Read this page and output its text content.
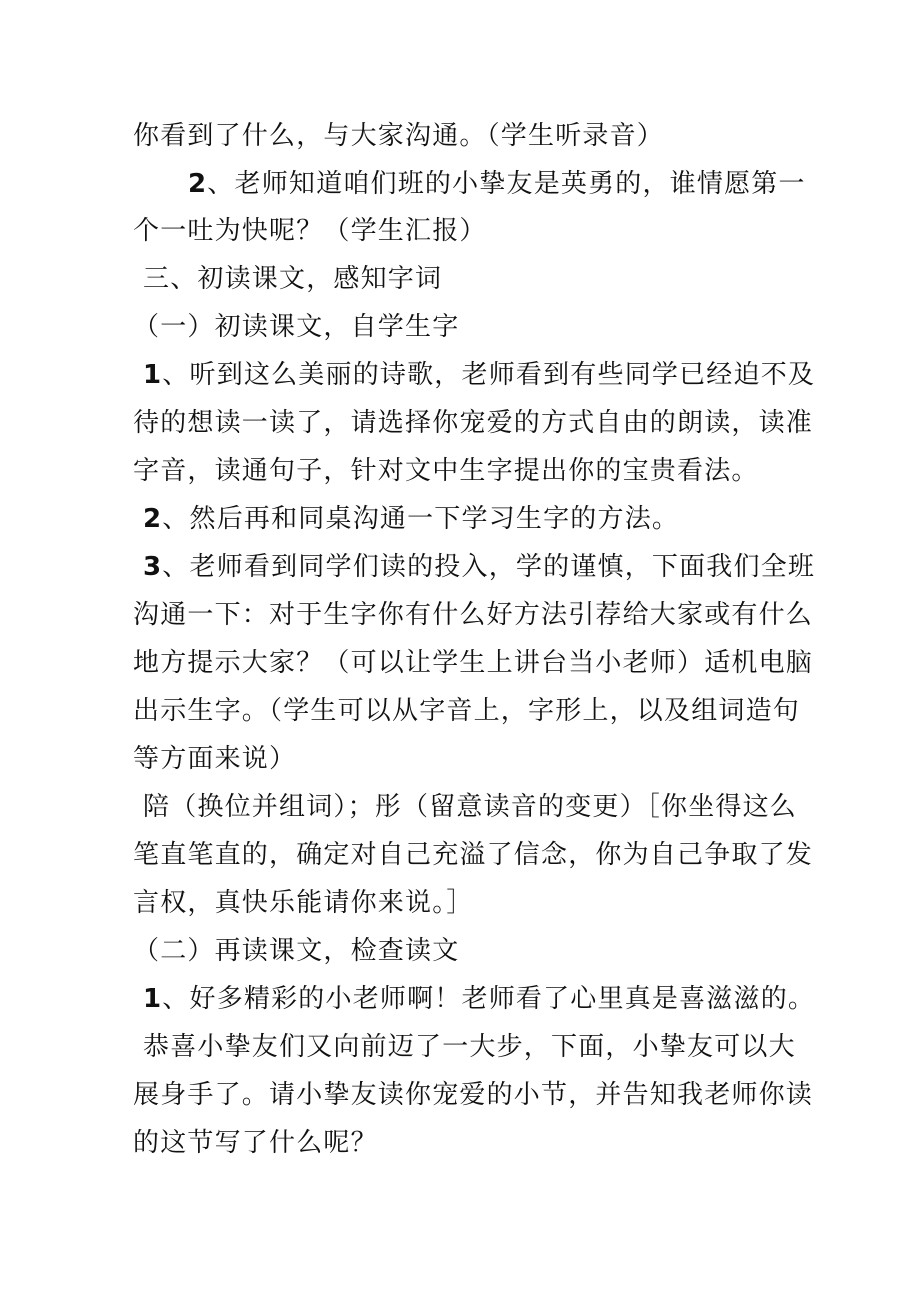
你看到了什么，与大家沟通。（学生听录音）
2、老师知道咱们班的小挚友是英勇的，谁情愿第一
个一吐为快呢？（学生汇报）
三、初读课文，感知字词
（一）初读课文，自学生字
1、听到这么美丽的诗歌，老师看到有些同学已经迫不及
待的想读一读了，请选择你宠爱的方式自由的朗读，读准
字音，读通句子，针对文中生字提出你的宝贵看法。
2、然后再和同桌沟通一下学习生字的方法。
3、老师看到同学们读的投入，学的谨慎，下面我们全班
沟通一下：对于生字你有什么好方法引荐给大家或有什么
地方提示大家？（可以让学生上讲台当小老师）适机电脑
出示生字。（学生可以从字音上，字形上，以及组词造句
等方面来说）
陪（换位并组词）；彤（留意读音的变更）［你坐得这么
笔直笔直的，确定对自己充溢了信念，你为自己争取了发
言权，真快乐能请你来说。］
（二）再读课文，检查读文
1、好多精彩的小老师啊！老师看了心里真是喜滋滋的。
恭喜小挚友们又向前迈了一大步，下面，小挚友可以大
展身手了。请小挚友读你宠爱的小节，并告知我老师你读
的这节写了什么呢？
